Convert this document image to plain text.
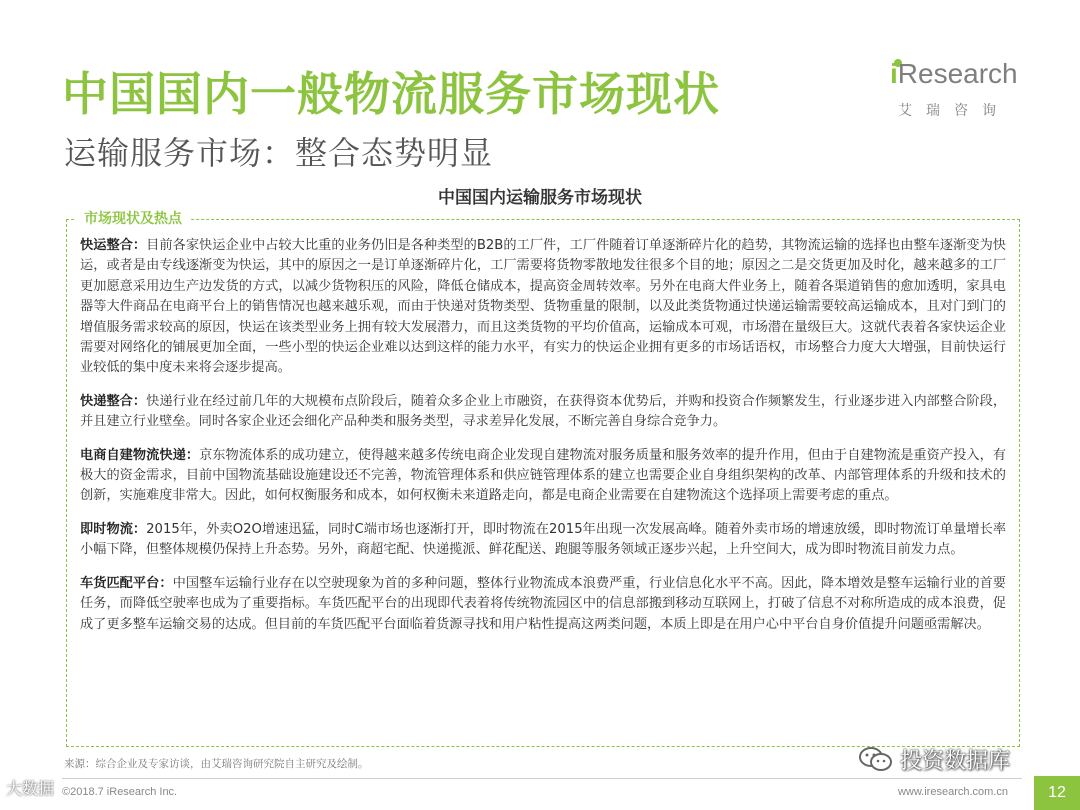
中国国内一般物流服务市场现状
运输服务市场：整合态势明显
iResearch
艾瑞咨询
中国国内运输服务市场现状
市场现状及热点

快运整合：目前各家快运企业中占较大比重的业务仍旧是各种类型的B2B的工厂件，工厂件随着订单逐渐碎片化的趋势，其物流运输的选择也由整车逐渐变为快运，或者是由专线逐渐变为快运，其中的原因之一是订单逐渐碎片化，工厂需要将货物零散地发往很多个目的地；原因之二是交货更加及时化，越来越多的工厂更加愿意采用边生产边发货的方式，以减少货物积压的风险，降低仓储成本，提高资金周转效率。另外在电商大件业务上，随着各渠道销售的愈加透明，家具电器等大件商品在电商平台上的销售情况也越来越乐观，而由于快递对货物类型、货物重量的限制，以及此类货物通过快递运输需要较高运输成本，且对门到门的增值服务需求较高的原因，快运在该类型业务上拥有较大发展潜力，而且这类货物的平均价值高，运输成本可观，市场潜在量级巨大。这就代表着各家快运企业需要对网络化的铺展更加全面，一些小型的快运企业难以达到这样的能力水平，有实力的快运企业拥有更多的市场话语权，市场整合力度大大增强，目前快运行业较低的集中度未来将会逐步提高。

快递整合：快递行业在经过前几年的大规模布点阶段后，随着众多企业上市融资，在获得资本优势后，并购和投资合作频繁发生，行业逐步进入内部整合阶段，并且建立行业壁垒。同时各家企业还会细化产品种类和服务类型，寻求差异化发展，不断完善自身综合竞争力。

电商自建物流快递：京东物流体系的成功建立，使得越来越多传统电商企业发现自建物流对服务质量和服务效率的提升作用，但由于自建物流是重资产投入，有极大的资金需求，目前中国物流基础设施建设还不完善，物流管理体系和供应链管理体系的建立也需要企业自身组织架构的改革、内部管理体系的升级和技术的创新，实施难度非常大。因此，如何权衡服务和成本，如何权衡未来道路走向，都是电商企业需要在自建物流这个选择项上需要考虑的重点。

即时物流：2015年，外卖O2O增速迅猛，同时C端市场也逐渐打开，即时物流在2015年出现一次发展高峰。随着外卖市场的增速放缓，即时物流订单量增长率小幅下降，但整体规模仍保持上升态势。另外，商超宅配、快递揽派、鲜花配送、跑腿等服务领域正逐步兴起，上升空间大，成为即时物流目前发力点。

车货匹配平台：中国整车运输行业存在以空驶现象为首的多种问题，整体行业物流成本浪费严重，行业信息化水平不高。因此，降本增效是整车运输行业的首要任务，而降低空驶率也成为了重要指标。车货匹配平台的出现即代表着将传统物流园区中的信息部搬到移动互联网上，打破了信息不对称所造成的成本浪费，促成了更多整车运输交易的达成。但目前的车货匹配平台面临着货源寻找和用户粘性提高这两类问题，本质上即是在用户心中平台自身价值提升问题亟需解决。

来源：综合企业及专家访谈，由艾瑞咨询研究院自主研究及绘制。	投资数据库
大数据 ©2018.7 iResearch Inc.	www.iresearch.com.cn	12
